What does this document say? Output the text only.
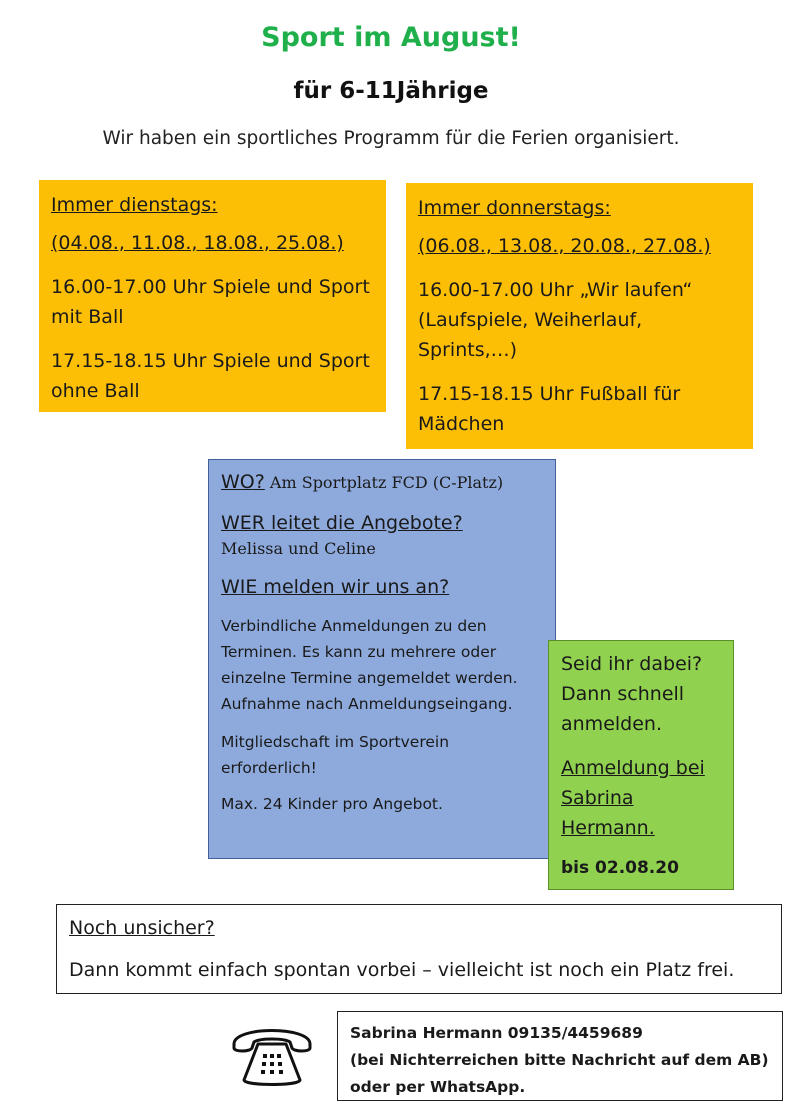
Sport im August!
für 6-11Jährige
Wir haben ein sportliches Programm für die Ferien organisiert.

Immer dienstags:

(04.08., 11.08., 18.08., 25.08.)

16.00-17.00 Uhr Spiele und Sport mit Ball

17.15-18.15 Uhr Spiele und Sport ohne Ball

Immer donnerstags:

(06.08., 13.08., 20.08., 27.08.)

16.00-17.00 Uhr „Wir laufen“ (Laufspiele, Weiherlauf, Sprints,…)

17.15-18.15 Uhr Fußball für Mädchen

WO? Am Sportplatz FCD (C-Platz)

WER leitet die Angebote?

Melissa und Celine

WIE melden wir uns an?

Verbindliche Anmeldungen zu den Terminen. Es kann zu mehrere oder einzelne Termine angemeldet werden. Aufnahme nach Anmeldungseingang.

Mitgliedschaft im Sportverein erforderlich!

Max. 24 Kinder pro Angebot.

Seid ihr dabei? Dann schnell anmelden.

Anmeldung bei Sabrina Hermann.

bis 02.08.20

Noch unsicher?

Dann kommt einfach spontan vorbei – vielleicht ist noch ein Platz frei.

Sabrina Hermann 09135/4459689

(bei Nichterreichen bitte Nachricht auf dem AB)

oder per WhatsApp.
